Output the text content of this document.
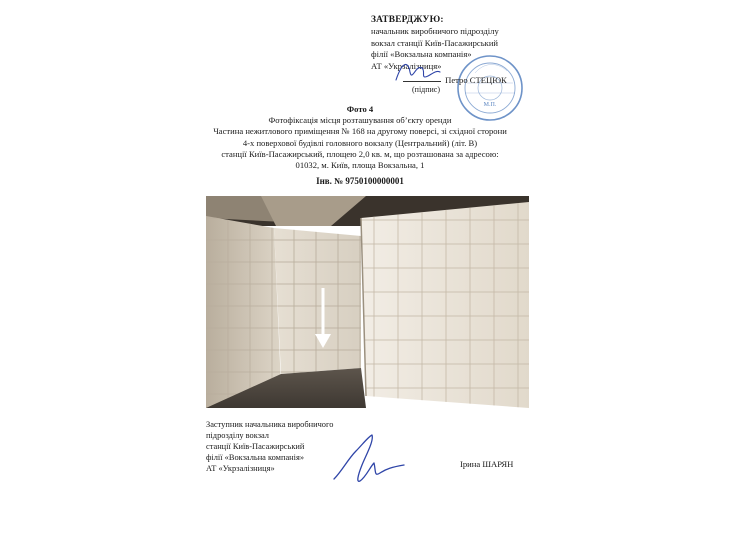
ЗАТВЕРДЖУЮ:
начальник виробничого підрозділу
вокзал станції Київ-Пасажирський
філії «Вокзальна компанія»
АТ «Укрзалізниця»
М.П.
Петро СТЕЦЮК
(підпис)
Фото 4
Фотофіксація місця розташування об’єкту оренди
Частина нежитлового приміщення № 168 на другому поверсі, зі східної сторони
4-х поверхової будівлі головного вокзалу (Центральний) (літ. В)
станції Київ-Пасажирський, площею 2,0 кв. м, що розташована за адресою:
01032, м. Київ, площа Вокзальна, 1
Інв. № 9750100000001
Заступник начальника виробничого
підрозділу вокзал
станції Київ-Пасажирський
філії «Вокзальна компанія»
АТ «Укрзалізниця»	Ірина ШАРЯН
